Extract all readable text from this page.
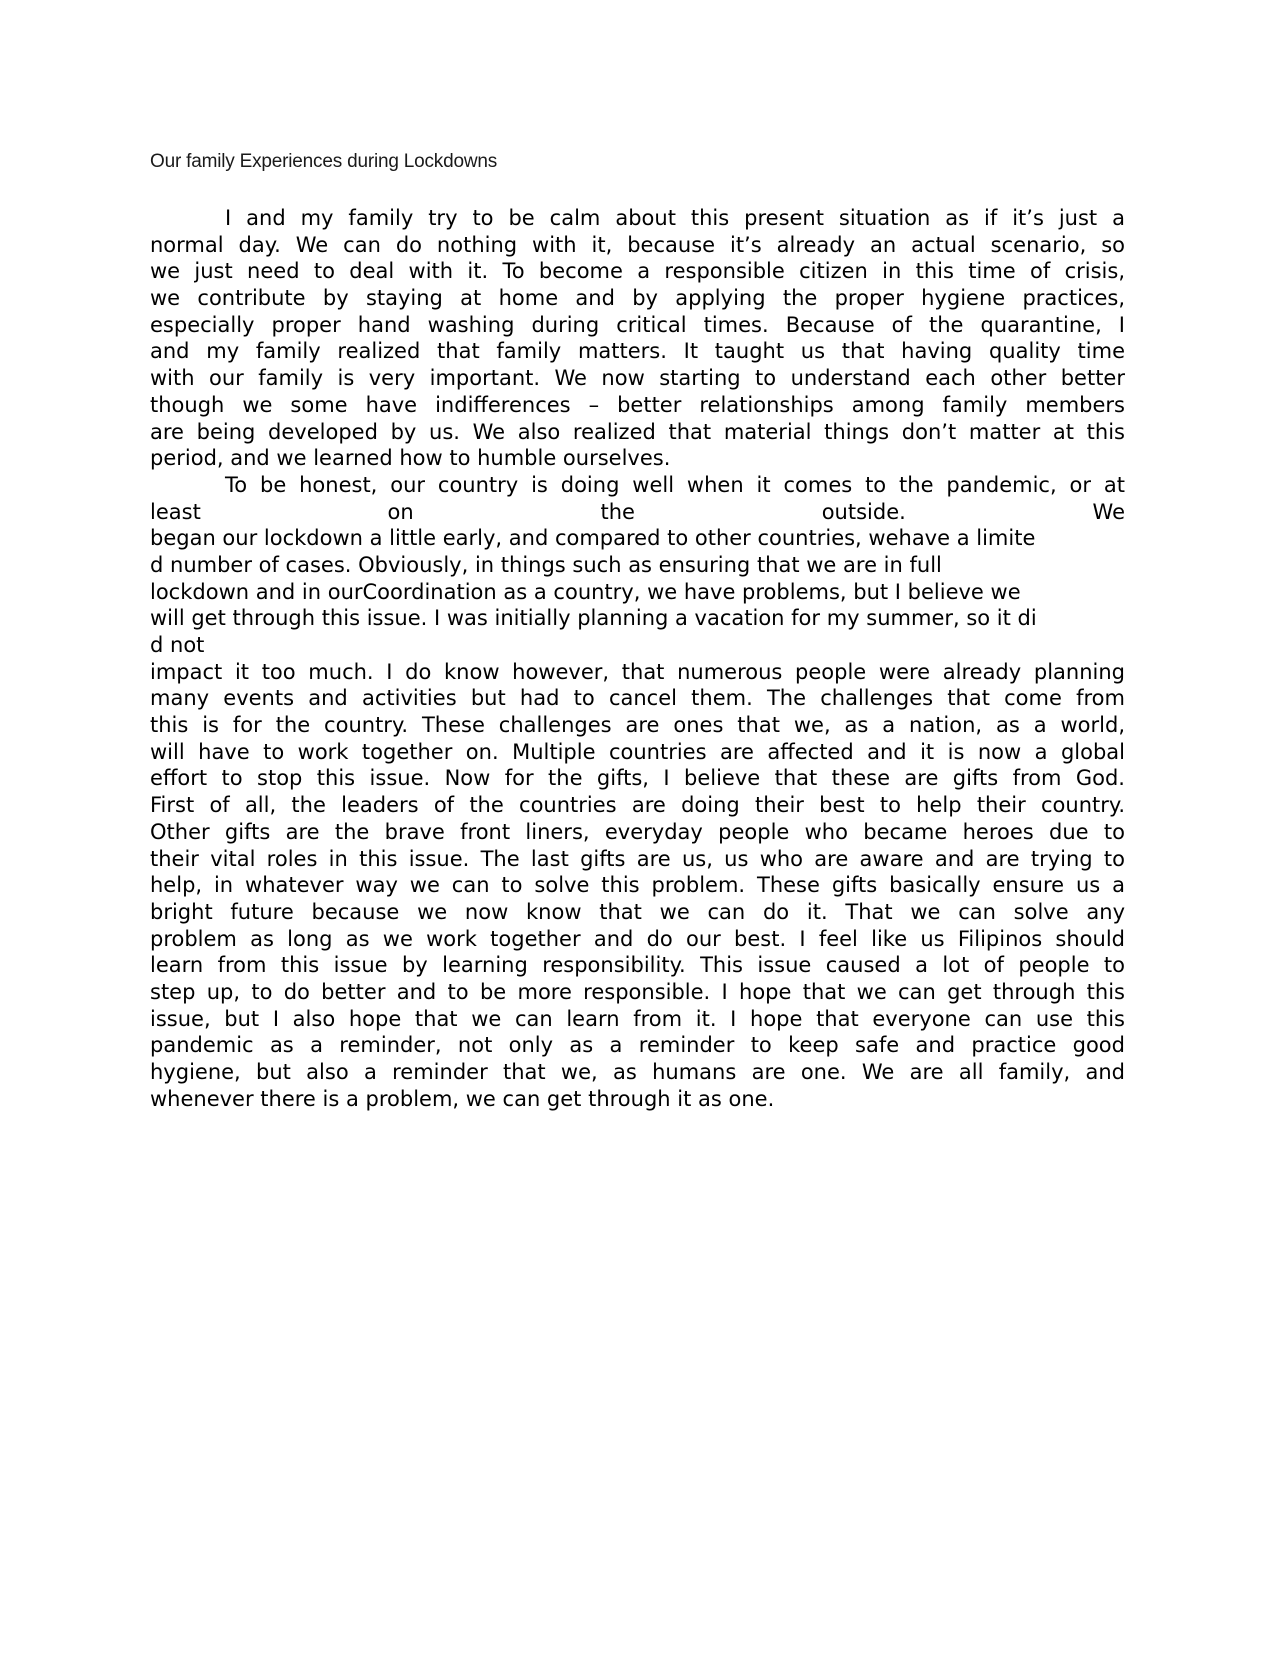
Our family Experiences during Lockdowns
I and my family try to be calm about this present situation as if it’s just a
normal day. We can do nothing with it, because it’s already an actual scenario, so
we just need to deal with it. To become a responsible citizen in this time of crisis,
we contribute by staying at home and by applying the proper hygiene practices,
especially proper hand washing during critical times. Because of the quarantine, I
and my family realized that family matters. It taught us that having quality time
with our family is very important. We now starting to understand each other better
though we some have indifferences – better relationships among family members
are being developed by us. We also realized that material things don’t matter at this
period, and we learned how to humble ourselves.
To be honest, our country is doing well when it comes to the pandemic, or at
least on the outside. We
began our lockdown a little early, and compared to other countries, wehave a limite
d number of cases. Obviously, in things such as ensuring that we are in full
lockdown and in ourCoordination as a country, we have problems, but I believe we
will get through this issue. I was initially planning a vacation for my summer, so it di
d not
impact it too much. I do know however, that numerous people were already planning
many events and activities but had to cancel them. The challenges that come from
this is for the country. These challenges are ones that we, as a nation, as a world,
will have to work together on. Multiple countries are affected and it is now a global
effort to stop this issue. Now for the gifts, I believe that these are gifts from God.
First of all, the leaders of the countries are doing their best to help their country.
Other gifts are the brave front liners, everyday people who became heroes due to
their vital roles in this issue. The last gifts are us, us who are aware and are trying to
help, in whatever way we can to solve this problem. These gifts basically ensure us a
bright future because we now know that we can do it. That we can solve any
problem as long as we work together and do our best. I feel like us Filipinos should
learn from this issue by learning responsibility. This issue caused a lot of people to
step up, to do better and to be more responsible. I hope that we can get through this
issue, but I also hope that we can learn from it. I hope that everyone can use this
pandemic as a reminder, not only as a reminder to keep safe and practice good
hygiene, but also a reminder that we, as humans are one. We are all family, and
whenever there is a problem, we can get through it as one.
